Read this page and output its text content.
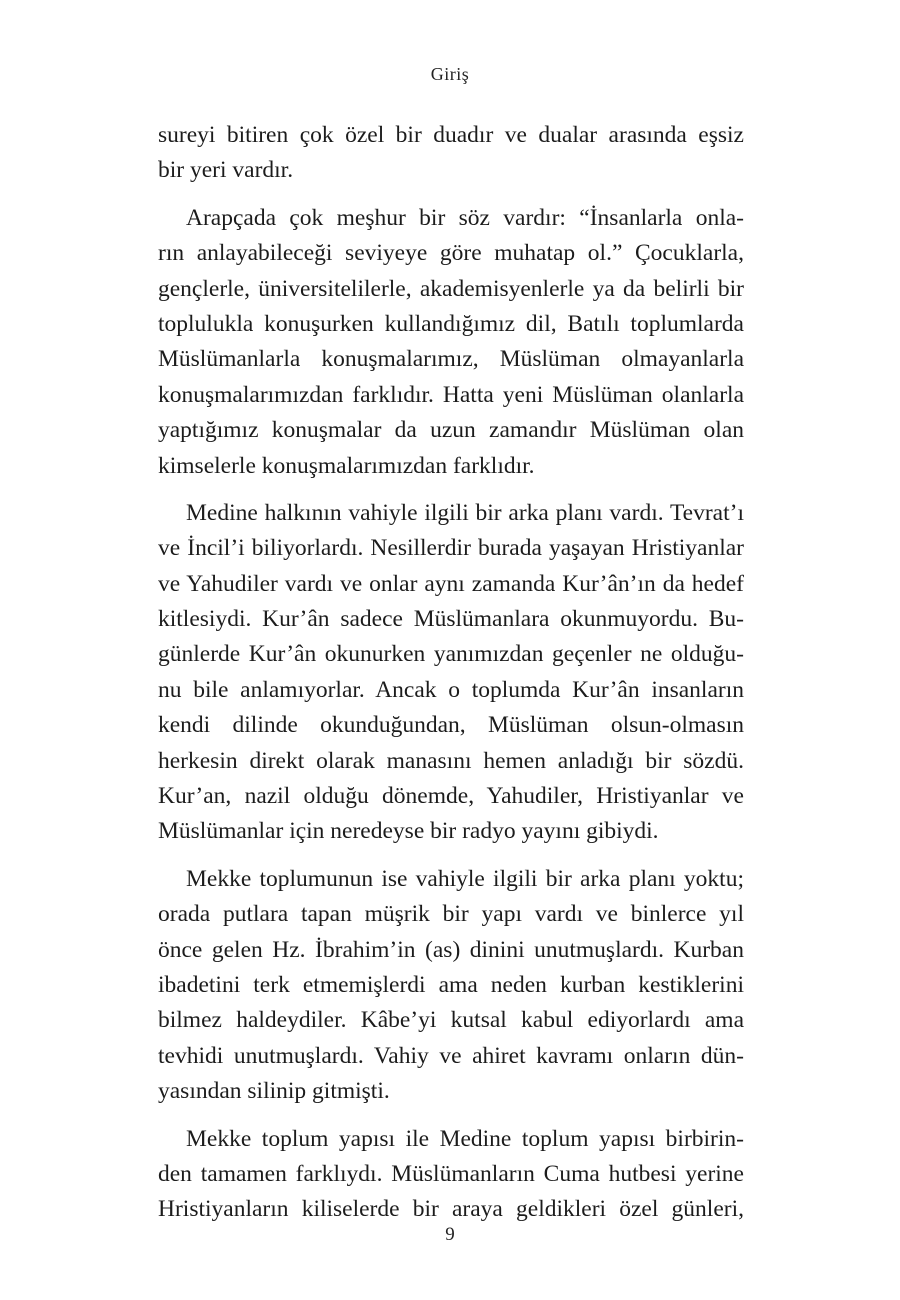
Giriş
sureyi bitiren çok özel bir duadır ve dualar arasında eşsiz
bir yeri vardır.
Arapçada çok meşhur bir söz vardır: “İnsanlarla onla-
rın anlayabileceği seviyeye göre muhatap ol.” Çocuklarla,
gençlerle, üniversitelilerle, akademisyenlerle ya da belirli bir
toplulukla konuşurken kullandığımız dil, Batılı toplumlarda
Müslümanlarla konuşmalarımız, Müslüman olmayanlarla
konuşmalarımızdan farklıdır. Hatta yeni Müslüman olanlarla
yaptığımız konuşmalar da uzun zamandır Müslüman olan
kimselerle konuşmalarımızdan farklıdır.
Medine halkının vahiyle ilgili bir arka planı vardı. Tevrat’ı
ve İncil’i biliyorlardı. Nesillerdir burada yaşayan Hristiyanlar
ve Yahudiler vardı ve onlar aynı zamanda Kur’ân’ın da hedef
kitlesiydi. Kur’ân sadece Müslümanlara okunmuyordu. Bu-
günlerde Kur’ân okunurken yanımızdan geçenler ne olduğu-
nu bile anlamıyorlar. Ancak o toplumda Kur’ân insanların
kendi dilinde okunduğundan, Müslüman olsun-olmasın
herkesin direkt olarak manasını hemen anladığı bir sözdü.
Kur’an, nazil olduğu dönemde, Yahudiler, Hristiyanlar ve
Müslümanlar için neredeyse bir radyo yayını gibiydi.
Mekke toplumunun ise vahiyle ilgili bir arka planı yoktu;
orada putlara tapan müşrik bir yapı vardı ve binlerce yıl
önce gelen Hz. İbrahim’in (as) dinini unutmuşlardı. Kurban
ibadetini terk etmemişlerdi ama neden kurban kestiklerini
bilmez haldeydiler. Kâbe’yi kutsal kabul ediyorlardı ama
tevhidi unutmuşlardı. Vahiy ve ahiret kavramı onların dün-
yasından silinip gitmişti.
Mekke toplum yapısı ile Medine toplum yapısı birbirin-
den tamamen farklıydı. Müslümanların Cuma hutbesi yerine
Hristiyanların kiliselerde bir araya geldikleri özel günleri,
9
